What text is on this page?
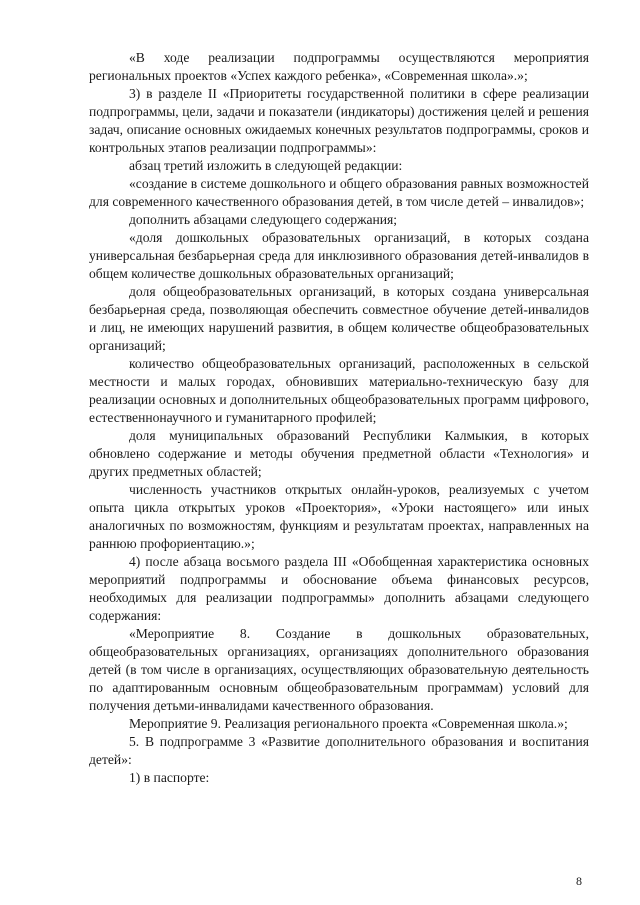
«В ходе реализации подпрограммы осуществляются мероприятия региональных проектов «Успех каждого ребенка», «Современная школа».»;

3) в разделе II «Приоритеты государственной политики в сфере реализации подпрограммы, цели, задачи и показатели (индикаторы) достижения целей и решения задач, описание основных ожидаемых конечных результатов подпрограммы, сроков и контрольных этапов реализации подпрограммы»:

абзац третий изложить в следующей редакции:

«создание в системе дошкольного и общего образования равных возможностей для современного качественного образования детей, в том числе детей – инвалидов»;

дополнить абзацами следующего содержания;

«доля дошкольных образовательных организаций, в которых создана универсальная безбарьерная среда для инклюзивного образования детей-инвалидов в общем количестве дошкольных образовательных организаций;

доля общеобразовательных организаций, в которых создана универсальная безбарьерная среда, позволяющая обеспечить совместное обучение детей-инвалидов и лиц, не имеющих нарушений развития, в общем количестве общеобразовательных организаций;

количество общеобразовательных организаций, расположенных в сельской местности и малых городах, обновивших материально-техническую базу для реализации основных и дополнительных общеобразовательных программ цифрового, естественнонаучного и гуманитарного профилей;

доля муниципальных образований Республики Калмыкия, в которых обновлено содержание и методы обучения предметной области «Технология» и других предметных областей;

численность участников открытых онлайн-уроков, реализуемых с учетом опыта цикла открытых уроков «Проектория», «Уроки настоящего» или иных аналогичных по возможностям, функциям и результатам проектах, направленных на раннюю профориентацию.»;

4) после абзаца восьмого раздела III «Обобщенная характеристика основных мероприятий подпрограммы и обоснование объема финансовых ресурсов, необходимых для реализации подпрограммы» дополнить абзацами следующего содержания:

«Мероприятие 8. Создание в дошкольных образовательных, общеобразовательных организациях, организациях дополнительного образования детей (в том числе в организациях, осуществляющих образовательную деятельность по адаптированным основным общеобразовательным программам) условий для получения детьми-инвалидами качественного образования.

Мероприятие 9. Реализация регионального проекта «Современная школа.»;

5. В подпрограмме 3 «Развитие дополнительного образования и воспитания детей»:

1) в паспорте:

8
